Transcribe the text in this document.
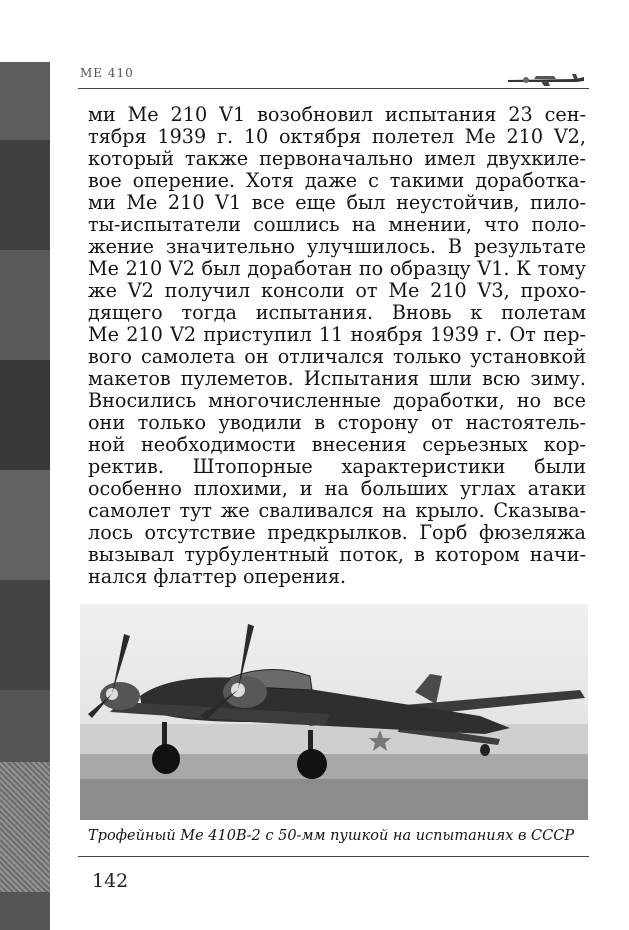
ME 410
ми Ме 210 V1 возобновил испытания 23 сен-
тября 1939 г. 10 октября полетел Ме 210 V2,
который также первоначально имел двухкиле-
вое оперение. Хотя даже с такими доработка-
ми Ме 210 V1 все еще был неустойчив, пило-
ты-испытатели сошлись на мнении, что поло-
жение значительно улучшилось. В результате
Ме 210 V2 был доработан по образцу V1. К тому
же V2 получил консоли от Ме 210 V3, прохо-
дящего тогда испытания. Вновь к полетам
Ме 210 V2 приступил 11 ноября 1939 г. От пер-
вого самолета он отличался только установкой
макетов пулеметов. Испытания шли всю зиму.
Вносились многочисленные доработки, но все
они только уводили в сторону от настоятель-
ной необходимости внесения серьезных кор-
ректив. Штопорные характеристики были
особенно плохими, и на больших углах атаки
самолет тут же сваливался на крыло. Сказыва-
лось отсутствие предкрылков. Горб фюзеляжа
вызывал турбулентный поток, в котором начи-
нался флаттер оперения.
Трофейный Ме 410В-2 с 50-мм пушкой на испытаниях в СССР
142
